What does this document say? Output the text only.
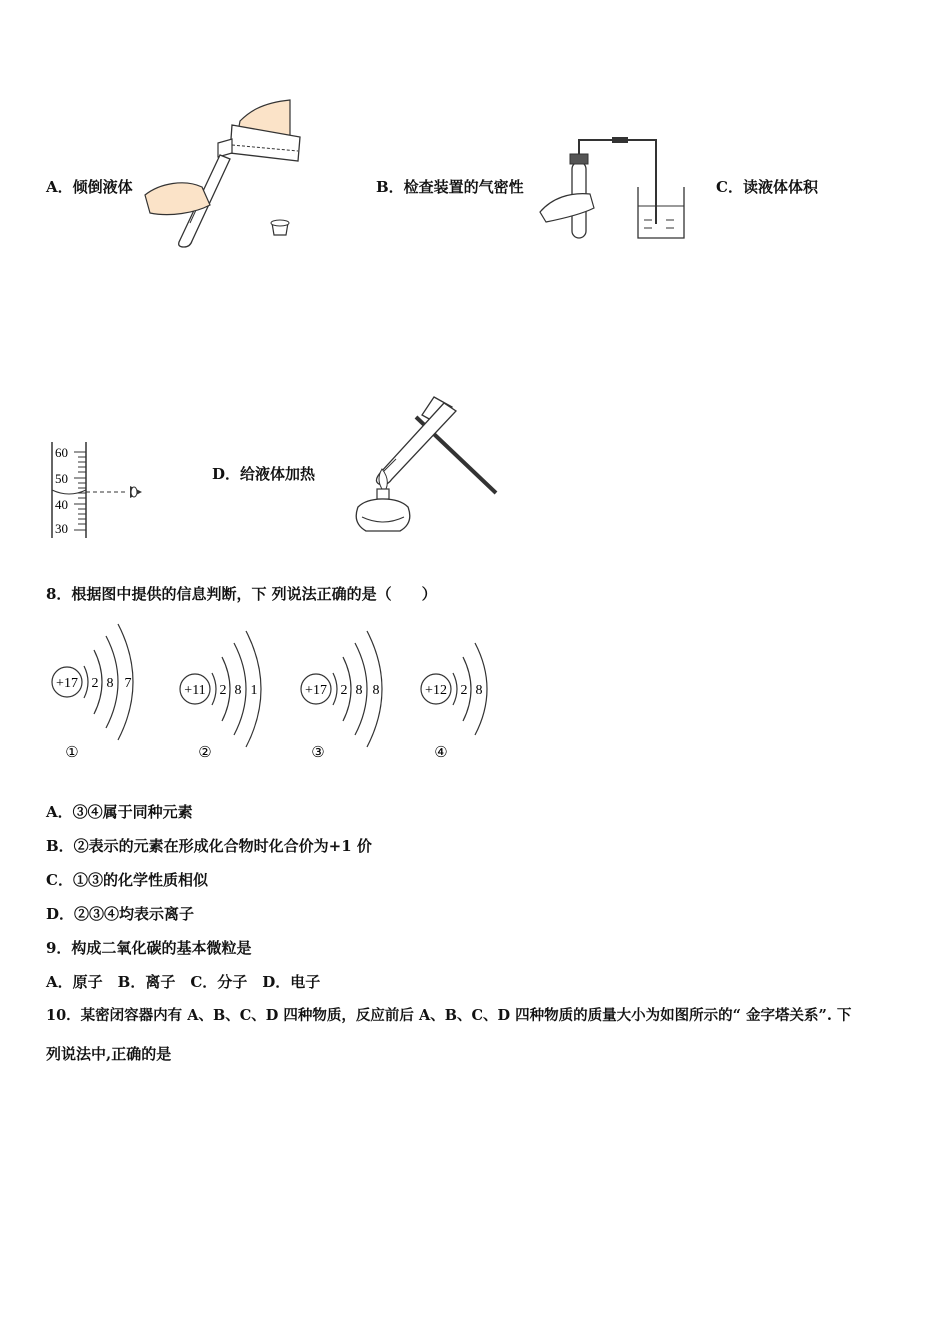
A．倾倒液体	B．检查装置的气密性	C．读液体体积
60
50
40
30
D．给液体加热
8．根据图中提供的信息判断，下 列说法正确的是（　　）
+17 2 8 7
①
+11 2 8 1
②
+17 2 8 8
③
+12 2 8
④
A．③④属于同种元素
B．②表示的元素在形成化合物时化合价为+1 价
C．①③的化学性质相似
D．②③④均表示离子
9．构成二氧化碳的基本微粒是
A．原子　B．离子　C．分子　D．电子
10．某密闭容器内有 A、B、C、D 四种物质，反应前后 A、B、C、D 四种物质的质量大小为如图所示的“ 金字塔关系”. 下
列说法中,正确的是
